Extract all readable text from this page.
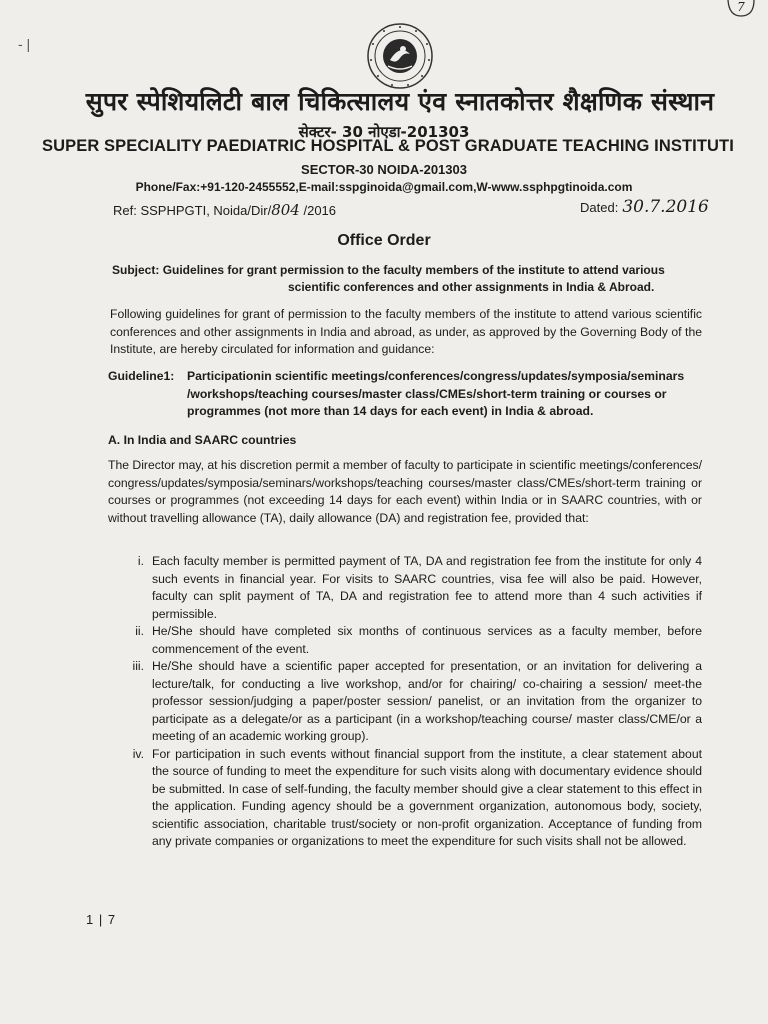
7
- |
सुपर स्पेशियलिटी बाल चिकित्सालय एंव स्नातकोत्तर शैक्षणिक संस्थान
सेक्टर- 30 नोएडा-201303
SUPER SPECIALITY PAEDIATRIC HOSPITAL & POST GRADUATE TEACHING INSTITUTI
SECTOR-30 NOIDA-201303
Phone/Fax:+91-120-2455552,E-mail:sspginoida@gmail.com,W-www.ssphpgtinoida.com
Ref: SSPHPGTI, Noida/Dir/804 /2016	Dated: 30.7.2016
Office Order
Subject: Guidelines for grant permission to the faculty members of the institute to attend various scientific conferences and other assignments in India & Abroad.
Following guidelines for grant of permission to the faculty members of the institute to attend various scientific conferences and other assignments in India and abroad, as under, as approved by the Governing Body of the Institute, are hereby circulated for information and guidance:
Guideline1: Participationin scientific meetings/conferences/congress/updates/symposia/seminars /workshops/teaching courses/master class/CMEs/short-term training or courses or programmes (not more than 14 days for each event) in India & abroad.
A. In India and SAARC countries
The Director may, at his discretion permit a member of faculty to participate in scientific meetings/conferences/ congress/updates/symposia/seminars/workshops/teaching courses/master class/CMEs/short-term training or courses or programmes (not exceeding 14 days for each event) within India or in SAARC countries, with or without travelling allowance (TA), daily allowance (DA) and registration fee, provided that:
i. Each faculty member is permitted payment of TA, DA and registration fee from the institute for only 4 such events in financial year. For visits to SAARC countries, visa fee will also be paid. However, faculty can split payment of TA, DA and registration fee to attend more than 4 such activities if permissible.
ii. He/She should have completed six months of continuous services as a faculty member, before commencement of the event.
iii. He/She should have a scientific paper accepted for presentation, or an invitation for delivering a lecture/talk, for conducting a live workshop, and/or for chairing/ co-chairing a session/ meet-the professor session/judging a paper/poster session/ panelist, or an invitation from the organizer to participate as a delegate/or as a participant (in a workshop/teaching course/ master class/CME/or a meeting of an academic working group).
iv. For participation in such events without financial support from the institute, a clear statement about the source of funding to meet the expenditure for such visits along with documentary evidence should be submitted. In case of self-funding, the faculty member should give a clear statement to this effect in the application. Funding agency should be a government organization, autonomous body, society, scientific association, charitable trust/society or non-profit organization. Acceptance of funding from any private companies or organizations to meet the expenditure for such visits shall not be allowed.
1 | 7
